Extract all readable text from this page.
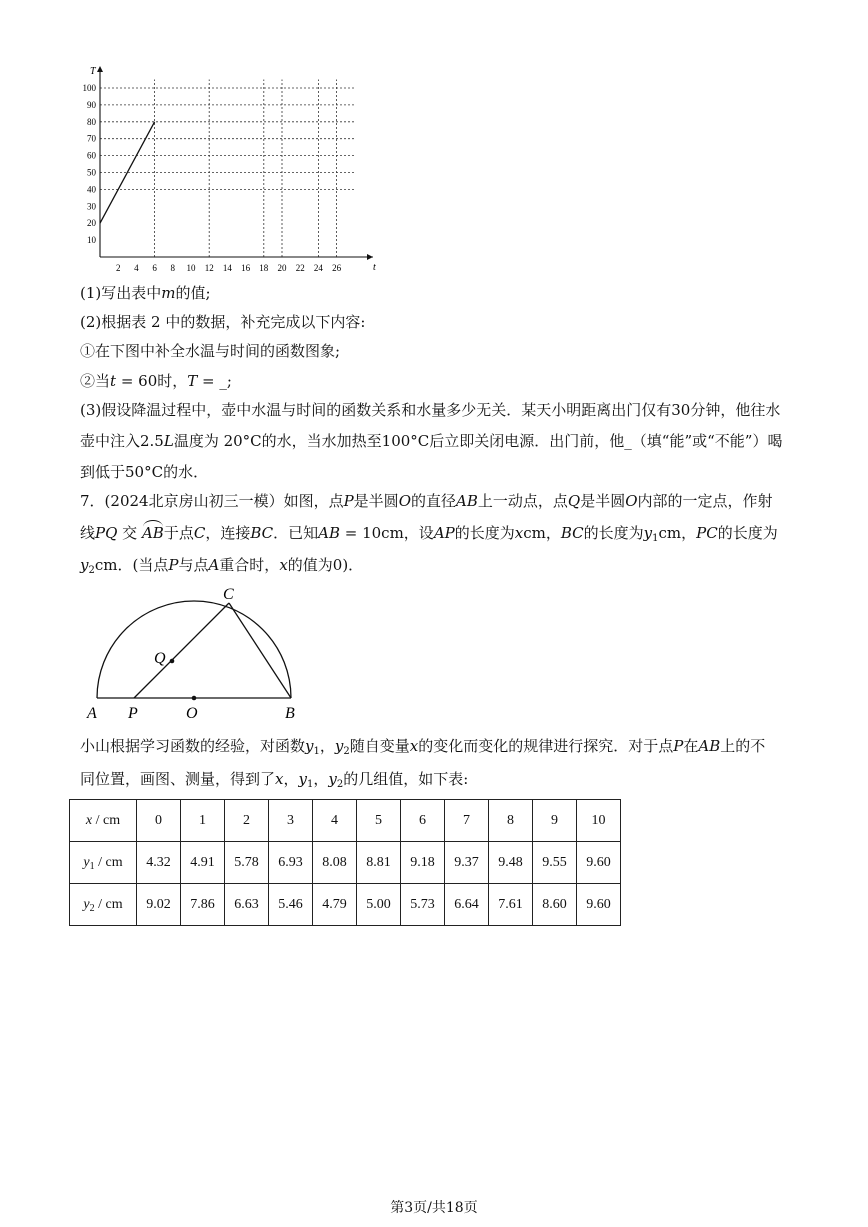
10
20
30
40
50
60
70
80
90
100
2 4 6 8 10 12 14 16 18 20 22 24 26
T
t
(1)写出表中m的值;
(2)根据表 2 中的数据，补充完成以下内容:
①在下图中补全水温与时间的函数图象;
②当t = 60时，T = _;
(3)假设降温过程中，壶中水温与时间的函数关系和水量多少无关．某天小明距离出门仅有30分钟，他往水
壶中注入2.5L温度为 20°C的水，当水加热至100°C后立即关闭电源．出门前，他_（填“能”或“不能”）喝
到低于50°C的水．
7．(2024北京房山初三一模）如图，点P是半圆O的直径AB上一动点，点Q是半圆O内部的一定点，作射
线PQ 交 AB于点C，连接BC．已知AB = 10cm，设AP的长度为xcm，BC的长度为$y_1cm$，PC的长度为
$y_2cm$．(当点P与点A重合时，x的值为0)．
A P	O	B
Q
C
小山根据学习函数的经验，对函数$y_1$，$y_2$随自变量x的变化而变化的规律进行探究．对于点P在AB上的不
同位置，画图、测量，得到了x，$y_1$，$y_2$的几组值，如下表:
x / cm	0	1	2	3	4	5	6	7	8	9	10
$y_1$ / cm	4.32	4.91	5.78	6.93	8.08	8.81	9.18	9.37	9.48	9.55	9.60
$y_2$ / cm	9.02	7.86	6.63	5.46	4.79	5.00	5.73	6.64	7.61	8.60	9.60
第3页/共18页
